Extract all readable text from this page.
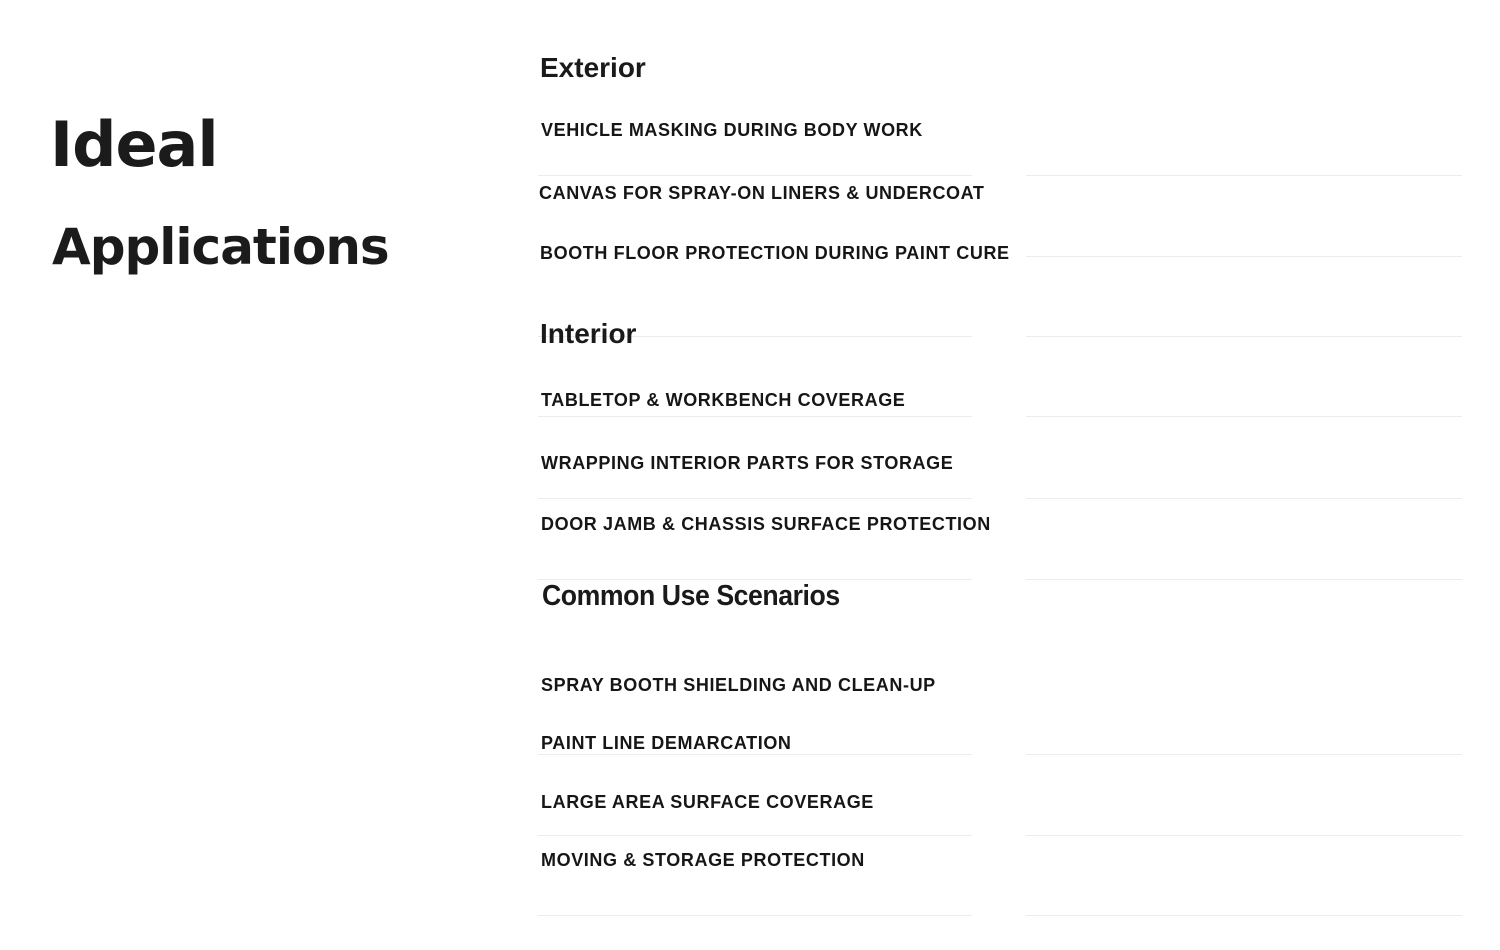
Ideal
Applications
Exterior

VEHICLE MASKING DURING BODY WORK

CANVAS FOR SPRAY-ON LINERS & UNDERCOAT

BOOTH FLOOR PROTECTION DURING PAINT CURE

Interior

TABLETOP & WORKBENCH COVERAGE

WRAPPING INTERIOR PARTS FOR STORAGE

DOOR JAMB & CHASSIS SURFACE PROTECTION

Common Use Scenarios

SPRAY BOOTH SHIELDING AND CLEAN-UP

PAINT LINE DEMARCATION

LARGE AREA SURFACE COVERAGE

MOVING & STORAGE PROTECTION
